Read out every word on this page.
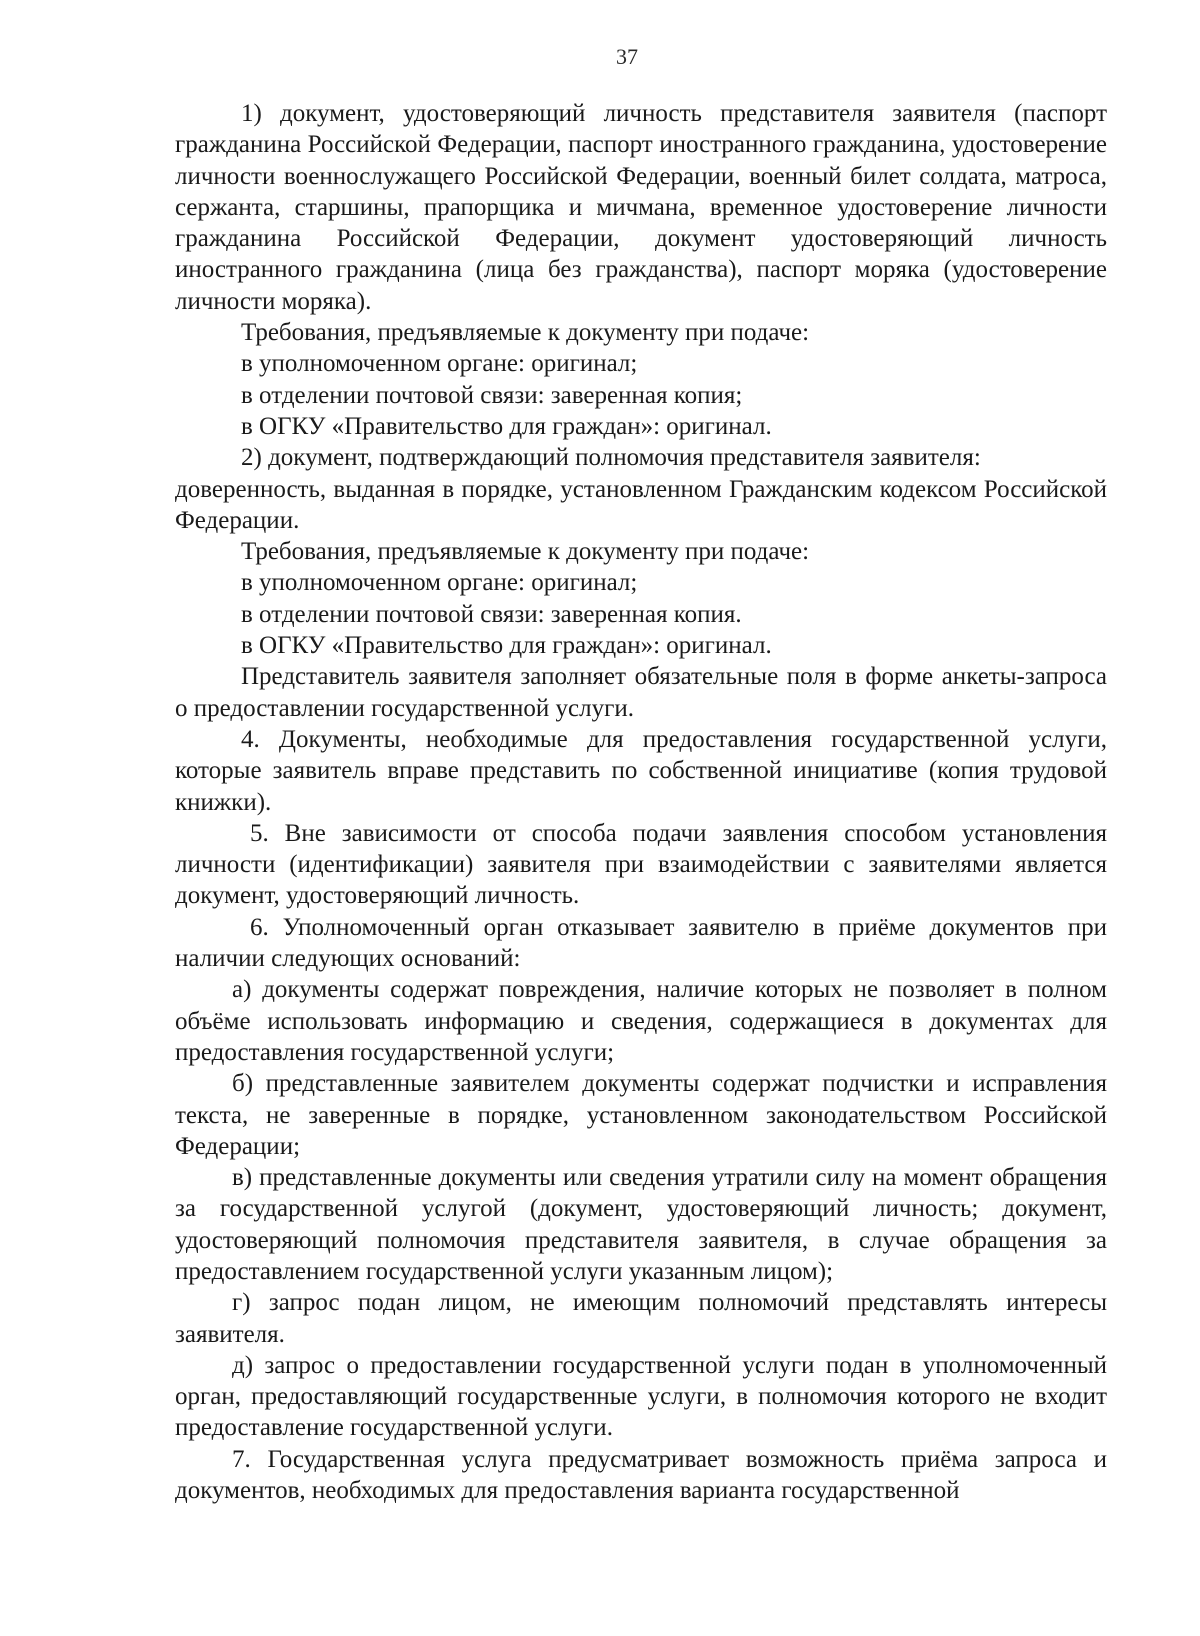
37

1) документ, удостоверяющий личность представителя заявителя (паспорт гражданина Российской Федерации, паспорт иностранного гражданина, удостоверение личности военнослужащего Российской Федерации, военный билет солдата, матроса, сержанта, старшины, прапорщика и мичмана, временное удостоверение личности гражданина Российской Федерации, документ удостоверяющий личность иностранного гражданина (лица без гражданства), паспорт моряка (удостоверение личности моряка).

Требования, предъявляемые к документу при подаче:

в уполномоченном органе: оригинал;

в отделении почтовой связи: заверенная копия;

в ОГКУ «Правительство для граждан»: оригинал.

2) документ, подтверждающий полномочия представителя заявителя:

доверенность, выданная в порядке, установленном Гражданским кодексом Российской Федерации.

Требования, предъявляемые к документу при подаче:

в уполномоченном органе: оригинал;

в отделении почтовой связи: заверенная копия.

в ОГКУ «Правительство для граждан»: оригинал.

Представитель заявителя заполняет обязательные поля в форме анкеты-запроса о предоставлении государственной услуги.

4. Документы, необходимые для предоставления государственной услуги, которые заявитель вправе представить по собственной инициативе (копия трудовой книжки).

5. Вне зависимости от способа подачи заявления способом установления личности (идентификации) заявителя при взаимодействии с заявителями является документ, удостоверяющий личность.

6. Уполномоченный орган отказывает заявителю в приёме документов при наличии следующих оснований:

а) документы содержат повреждения, наличие которых не позволяет в полном объёме использовать информацию и сведения, содержащиеся в документах для предоставления государственной услуги;

б) представленные заявителем документы содержат подчистки и исправления текста, не заверенные в порядке, установленном законодательством Российской Федерации;

в) представленные документы или сведения утратили силу на момент обращения за государственной услугой (документ, удостоверяющий личность; документ, удостоверяющий полномочия представителя заявителя, в случае обращения за предоставлением государственной услуги указанным лицом);

г) запрос подан лицом, не имеющим полномочий представлять интересы заявителя.

д) запрос о предоставлении государственной услуги подан в уполномоченный орган, предоставляющий государственные услуги, в полномочия которого не входит предоставление государственной услуги.

7. Государственная услуга предусматривает возможность приёма запроса и документов, необходимых для предоставления варианта государственной
